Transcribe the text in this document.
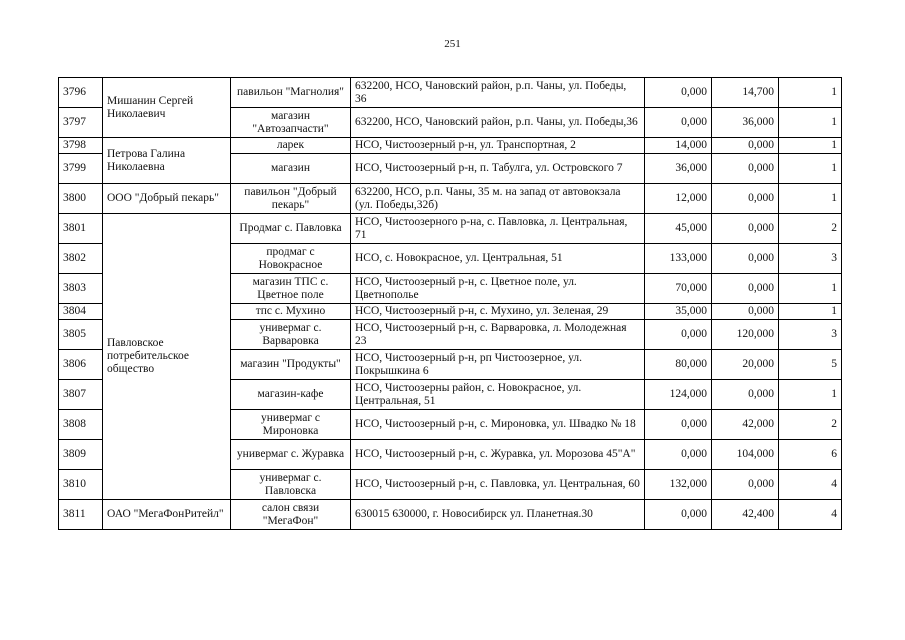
251
3796	Мишанин Сергей Николаевич	павильон "Магнолия"	632200, НСО, Чановский район, р.п. Чаны, ул. Победы, 36	0,000	14,700	1
3797		магазин "Автозапчасти"	632200, НСО, Чановский район, р.п. Чаны, ул. Победы,36	0,000	36,000	1
3798	Петрова Галина Николаевна	ларек	НСО, Чистоозерный р-н, ул. Транспортная, 2	14,000	0,000	1
3799		магазин	НСО, Чистоозерный р-н, п. Табулга, ул. Островского 7	36,000	0,000	1
3800	ООО "Добрый пекарь"	павильон "Добрый пекарь"	632200, НСО, р.п. Чаны, 35 м. на запад от автовокзала (ул. Победы,32б)	12,000	0,000	1
3801	Павловское потребительское общество	Продмаг с. Павловка	НСО, Чистоозерного р-на, с. Павловка, л. Центральная, 71	45,000	0,000	2
3802		продмаг с Новокрасное	НСО, с. Новокрасное, ул. Центральная, 51	133,000	0,000	3
3803		магазин ТПС с. Цветное поле	НСО, Чистоозерный р-н, с. Цветное поле, ул. Цветнополье	70,000	0,000	1
3804		тпс с. Мухино	НСО, Чистоозерный р-н, с. Мухино, ул. Зеленая, 29	35,000	0,000	1
3805		универмаг с. Варваровка	НСО, Чистоозерный р-н, с. Варваровка, л. Молодежная 23	0,000	120,000	3
3806		магазин "Продукты"	НСО, Чистоозерный р-н, рп Чистоозерное, ул. Покрышкина 6	80,000	20,000	5
3807		магазин-кафе	НСО, Чистоозерны район, с. Новокрасное, ул. Центральная, 51	124,000	0,000	1
3808		универмаг с Мироновка	НСО, Чистоозерный р-н, с. Мироновка, ул. Швадко № 18	0,000	42,000	2
3809		универмаг с. Журавка	НСО, Чистоозерный р-н, с. Журавка, ул. Морозова 45"А"	0,000	104,000	6
3810		универмаг с. Павловска	НСО, Чистоозерный р-н, с. Павловка, ул. Центральная, 60	132,000	0,000	4
3811	ОАО "МегаФонРитейл"	салон связи "МегаФон"	630015 630000, г. Новосибирск ул. Планетная.30	0,000	42,400	4
